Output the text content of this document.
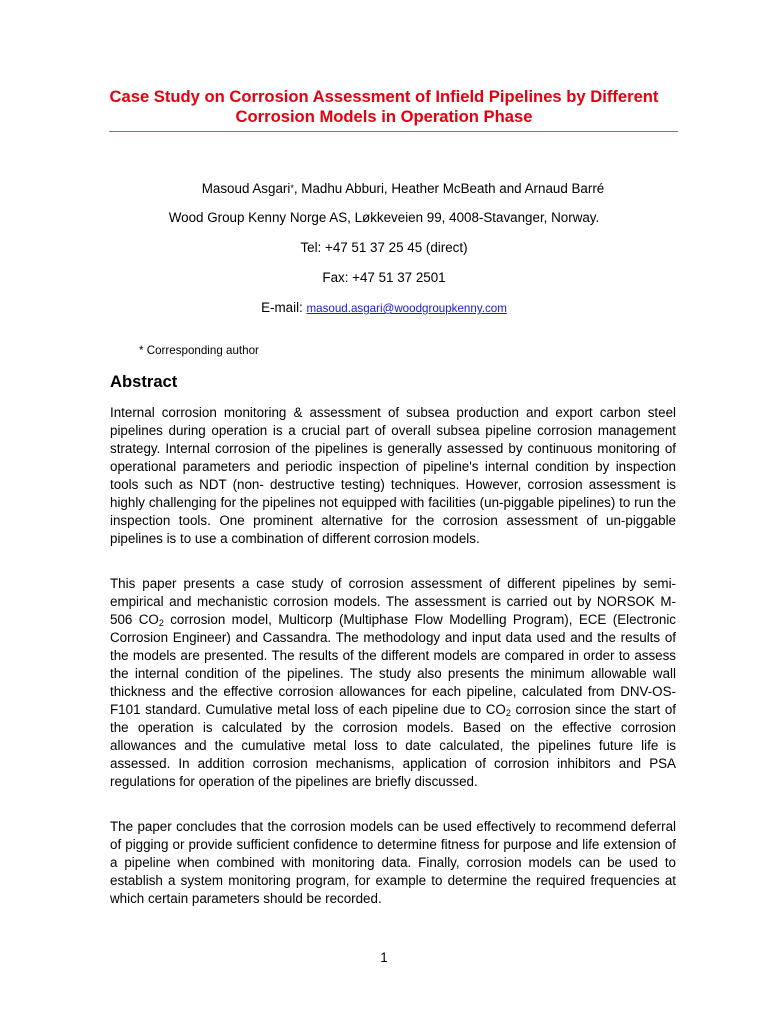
Case Study on Corrosion Assessment of Infield Pipelines by Different Corrosion Models in Operation Phase
Masoud Asgari*, Madhu Abburi, Heather McBeath and Arnaud Barré
Wood Group Kenny Norge AS, Løkkeveien 99, 4008-Stavanger, Norway.
Tel: +47 51 37 25 45 (direct)
Fax: +47 51 37 2501
E-mail: masoud.asgari@woodgroupkenny.com
* Corresponding author
Abstract

Internal corrosion monitoring & assessment of subsea production and export carbon steel pipelines during operation is a crucial part of overall subsea pipeline corrosion management strategy. Internal corrosion of the pipelines is generally assessed by continuous monitoring of operational parameters and periodic inspection of pipeline's internal condition by inspection tools such as NDT (non- destructive testing) techniques. However, corrosion assessment is highly challenging for the pipelines not equipped with facilities (un-piggable pipelines) to run the inspection tools. One prominent alternative for the corrosion assessment of un-piggable pipelines is to use a combination of different corrosion models.

This paper presents a case study of corrosion assessment of different pipelines by semi-empirical and mechanistic corrosion models. The assessment is carried out by NORSOK M-506 $CO_2$ corrosion model, Multicorp (Multiphase Flow Modelling Program), ECE (Electronic Corrosion Engineer) and Cassandra. The methodology and input data used and the results of the models are presented. The results of the different models are compared in order to assess the internal condition of the pipelines. The study also presents the minimum allowable wall thickness and the effective corrosion allowances for each pipeline, calculated from DNV-OS-F101 standard. Cumulative metal loss of each pipeline due to $CO_2$ corrosion since the start of the operation is calculated by the corrosion models. Based on the effective corrosion allowances and the cumulative metal loss to date calculated, the pipelines future life is assessed. In addition corrosion mechanisms, application of corrosion inhibitors and PSA regulations for operation of the pipelines are briefly discussed.

The paper concludes that the corrosion models can be used effectively to recommend deferral of pigging or provide sufficient confidence to determine fitness for purpose and life extension of a pipeline when combined with monitoring data. Finally, corrosion models can be used to establish a system monitoring program, for example to determine the required frequencies at which certain parameters should be recorded.

1
